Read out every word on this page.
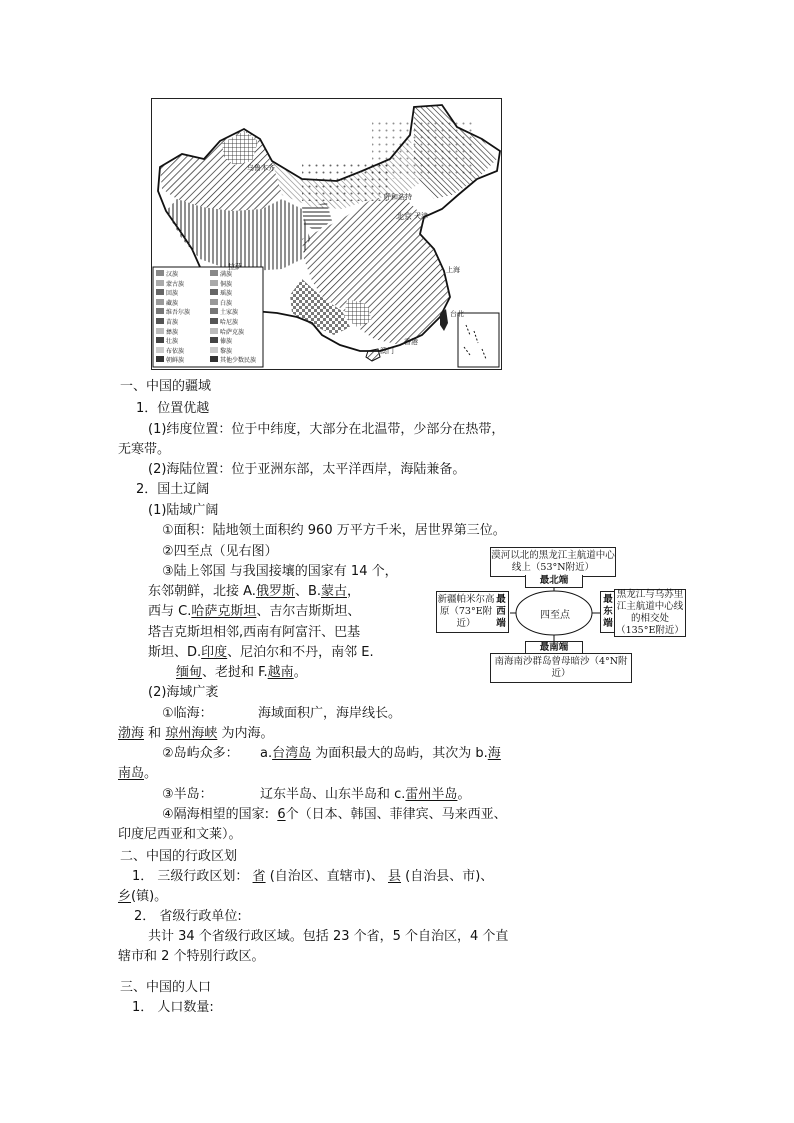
乌鲁木齐
呼和浩特
北京 天津
上海
台北
拉萨
香港
澳门
汉族
蒙古族
回族
藏族
维吾尔族
苗族
彝族
壮族
布依族
朝鲜族
满族
侗族
瑶族
白族
土家族
哈尼族
哈萨克族
傣族
黎族
其他少数民族
一、中国的疆域
1．位置优越
(1)纬度位置：位于中纬度，大部分在北温带，少部分在热带，
无寒带。
(2)海陆位置：位于亚洲东部，太平洋西岸，海陆兼备。
2．国土辽阔
(1)陆域广阔
①面积：陆地领土面积约 960 万平方千米，居世界第三位。
②四至点（见右图）
③陆上邻国 与我国接壤的国家有 14 个，
东邻朝鲜，北接 A.俄罗斯、B.蒙古，
西与 C.哈萨克斯坦、吉尔吉斯斯坦、
塔吉克斯坦相邻,西南有阿富汗、巴基
斯坦、D.印度、尼泊尔和不丹，南邻 E.
缅甸、老挝和 F.越南。
(2)海域广袤
①临海：	海域面积广，海岸线长。
渤海 和 琼州海峡 为内海。
②岛屿众多： a.台湾岛 为面积最大的岛屿，其次为 b.海
南岛。
③半岛：	辽东半岛、山东半岛和 c.雷州半岛。
④隔海相望的国家: 6个（日本、韩国、菲律宾、马来西亚、
印度尼西亚和文莱）。
漠河以北的黑龙江主航道中心线上（53°N附近）
最北端
新疆帕米尔高原（73°E附近）
最西端
四至点
最东端
黑龙江与乌苏里江主航道中心线的相交处（135°E附近）
最南端
南海南沙群岛曾母暗沙（4°N附近）
二、中国的行政区划
1． 三级行政区划： 省 (自治区、直辖市)、 县 (自治县、市)、
乡(镇)。
2． 省级行政单位:
共计 34 个省级行政区域。包括 23 个省，5 个自治区，4 个直
辖市和 2 个特别行政区。
三、中国的人口
1． 人口数量:
